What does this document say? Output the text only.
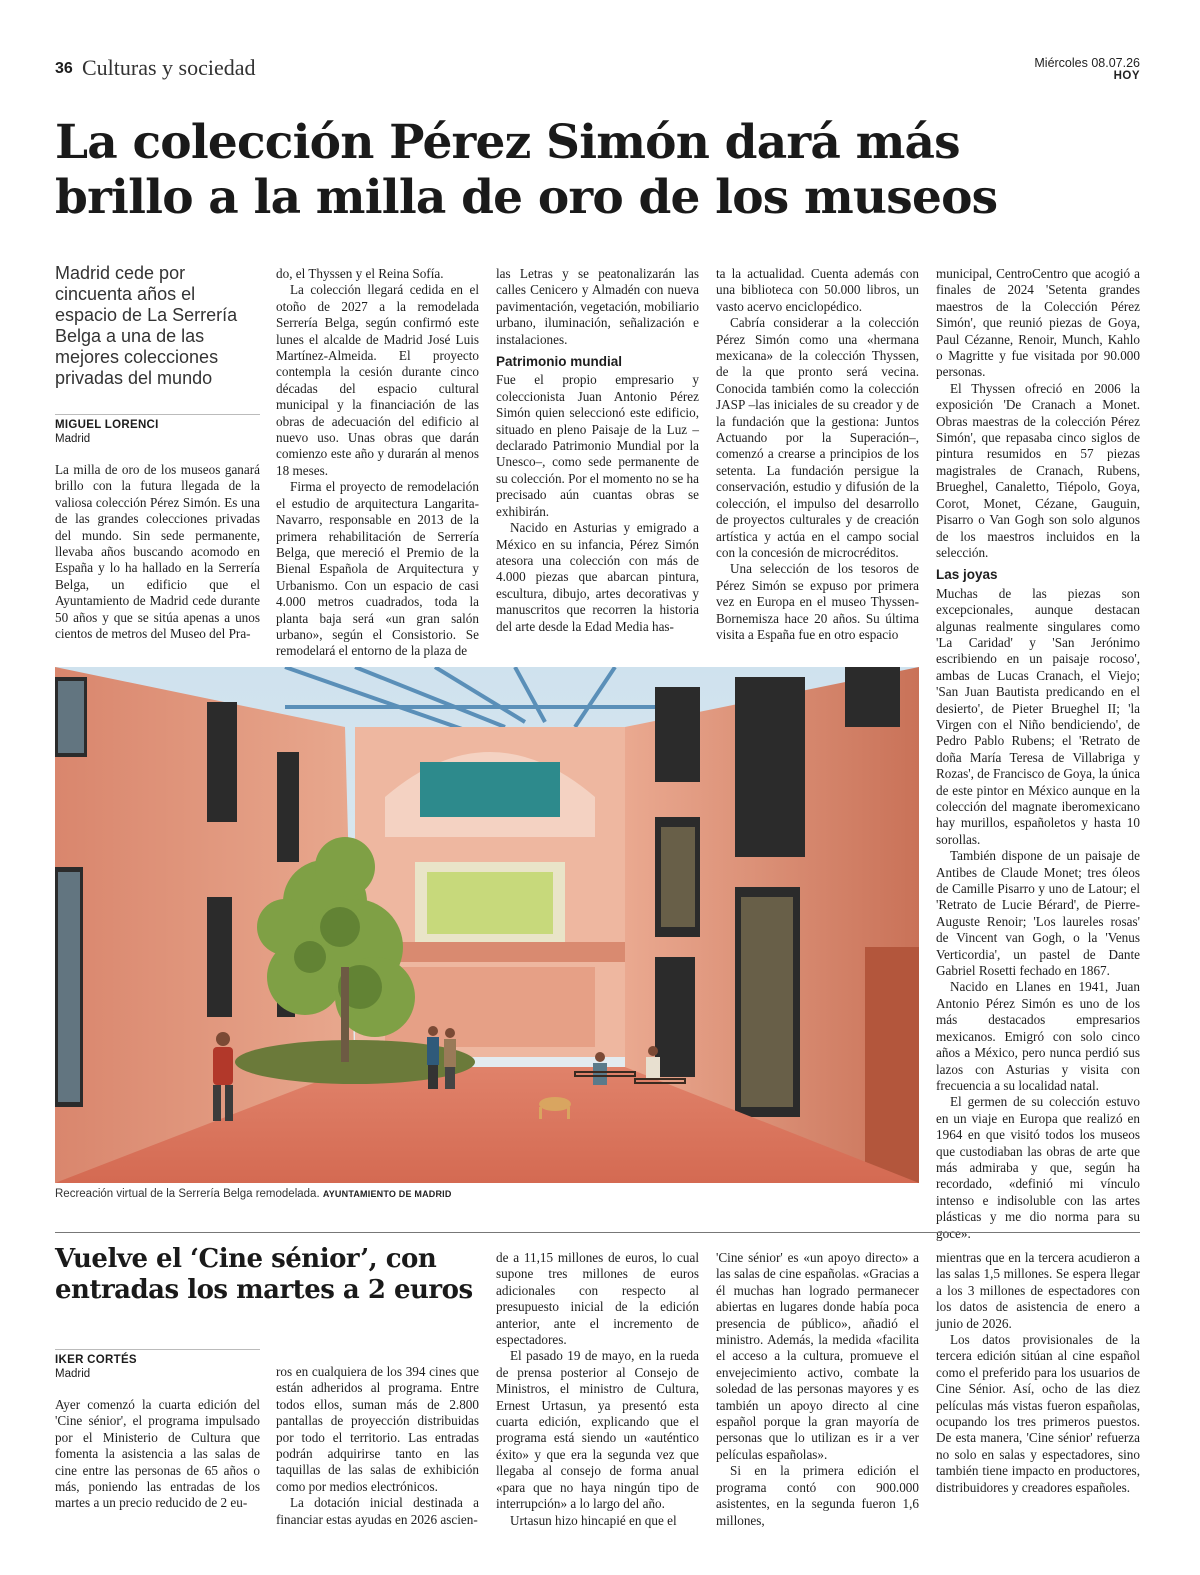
36 Culturas y sociedad	Miércoles 08.07.26
HOY
La colección Pérez Simón dará más
brillo a la milla de oro de los museos
Madrid cede por cincuenta años el espacio de La Serrería Belga a una de las mejores colecciones privadas del mundo
MIGUEL LORENCI
Madrid

La milla de oro de los museos ganará brillo con la futura llegada de la valiosa colección Pérez Simón. Es una de las grandes colecciones privadas del mundo. Sin sede permanente, llevaba años buscando acomodo en España y lo ha hallado en la Serrería Belga, un edificio que el Ayuntamiento de Madrid cede durante 50 años y que se sitúa apenas a unos cientos de metros del Museo del Pra-

do, el Thyssen y el Reina Sofía.

La colección llegará cedida en el otoño de 2027 a la remodelada Serrería Belga, según confirmó este lunes el alcalde de Madrid José Luis Martínez-Almeida. El proyecto contempla la cesión durante cinco décadas del espacio cultural municipal y la financiación de las obras de adecuación del edificio al nuevo uso. Unas obras que darán comienzo este año y durarán al menos 18 meses.

Firma el proyecto de remodelación el estudio de arquitectura Langarita-Navarro, responsable en 2013 de la primera rehabilitación de Serrería Belga, que mereció el Premio de la Bienal Española de Arquitectura y Urbanismo. Con un espacio de casi 4.000 metros cuadrados, toda la planta baja será «un gran salón urbano», según el Consistorio. Se remodelará el entorno de la plaza de

las Letras y se peatonalizarán las calles Cenicero y Almadén con nueva pavimentación, vegetación, mobiliario urbano, iluminación, señalización e instalaciones.

Patrimonio mundial

Fue el propio empresario y coleccionista Juan Antonio Pérez Simón quien seleccionó este edificio, situado en pleno Paisaje de la Luz –declarado Patrimonio Mundial por la Unesco–, como sede permanente de su colección. Por el momento no se ha precisado aún cuantas obras se exhibirán.

Nacido en Asturias y emigrado a México en su infancia, Pérez Simón atesora una colección con más de 4.000 piezas que abarcan pintura, escultura, dibujo, artes decorativas y manuscritos que recorren la historia del arte desde la Edad Media has-

ta la actualidad. Cuenta además con una biblioteca con 50.000 libros, un vasto acervo enciclopédico.

Cabría considerar a la colección Pérez Simón como una «hermana mexicana» de la colección Thyssen, de la que pronto será vecina. Conocida también como la colección JASP –las iniciales de su creador y de la fundación que la gestiona: Juntos Actuando por la Superación–, comenzó a crearse a principios de los setenta. La fundación persigue la conservación, estudio y difusión de la colección, el impulso del desarrollo de proyectos culturales y de creación artística y actúa en el campo social con la concesión de microcréditos.

Una selección de los tesoros de Pérez Simón se expuso por primera vez en Europa en el museo Thyssen-Bornemisza hace 20 años. Su última visita a España fue en otro espacio

municipal, CentroCentro que acogió a finales de 2024 'Setenta grandes maestros de la Colección Pérez Simón', que reunió piezas de Goya, Paul Cézanne, Renoir, Munch, Kahlo o Magritte y fue visitada por 90.000 personas.

El Thyssen ofreció en 2006 la exposición 'De Cranach a Monet. Obras maestras de la colección Pérez Simón', que repasaba cinco siglos de pintura resumidos en 57 piezas magistrales de Cranach, Rubens, Brueghel, Canaletto, Tiépolo, Goya, Corot, Monet, Cézane, Gauguin, Pisarro o Van Gogh son solo algunos de los maestros incluidos en la selección.

Las joyas

Muchas de las piezas son excepcionales, aunque destacan algunas realmente singulares como 'La Caridad' y 'San Jerónimo escribiendo en un paisaje rocoso', ambas de Lucas Cranach, el Viejo; 'San Juan Bautista predicando en el desierto', de Pieter Brueghel II; 'la Virgen con el Niño bendiciendo', de Pedro Pablo Rubens; el 'Retrato de doña María Teresa de Villabriga y Rozas', de Francisco de Goya, la única de este pintor en México aunque en la colección del magnate iberomexicano hay murillos, españoletos y hasta 10 sorollas.

También dispone de un paisaje de Antibes de Claude Monet; tres óleos de Camille Pisarro y uno de Latour; el 'Retrato de Lucie Bérard', de Pierre-Auguste Renoir; 'Los laureles rosas' de Vincent van Gogh, o la 'Venus Verticordia', un pastel de Dante Gabriel Rosetti fechado en 1867.

Nacido en Llanes en 1941, Juan Antonio Pérez Simón es uno de los más destacados empresarios mexicanos. Emigró con solo cinco años a México, pero nunca perdió sus lazos con Asturias y visita con frecuencia a su localidad natal.

El germen de su colección estuvo en un viaje en Europa que realizó en 1964 en que visitó todos los museos que custodiaban las obras de arte que más admiraba y que, según ha recordado, «definió mi vínculo intenso e indisoluble con las artes plásticas y me dio norma para su goce».

Recreación virtual de la Serrería Belga remodelada. AYUNTAMIENTO DE MADRID
Vuelve el ‘Cine sénior’, con
entradas los martes a 2 euros
IKER CORTÉS
Madrid

Ayer comenzó la cuarta edición del 'Cine sénior', el programa impulsado por el Ministerio de Cultura que fomenta la asistencia a las salas de cine entre las personas de 65 años o más, poniendo las entradas de los martes a un precio reducido de 2 eu-

ros en cualquiera de los 394 cines que están adheridos al programa. Entre todos ellos, suman más de 2.800 pantallas de proyección distribuidas por todo el territorio. Las entradas podrán adquirirse tanto en las taquillas de las salas de exhibición como por medios electrónicos.

La dotación inicial destinada a financiar estas ayudas en 2026 ascien-

de a 11,15 millones de euros, lo cual supone tres millones de euros adicionales con respecto al presupuesto inicial de la edición anterior, ante el incremento de espectadores.

El pasado 19 de mayo, en la rueda de prensa posterior al Consejo de Ministros, el ministro de Cultura, Ernest Urtasun, ya presentó esta cuarta edición, explicando que el programa está siendo un «auténtico éxito» y que era la segunda vez que llegaba al consejo de forma anual «para que no haya ningún tipo de interrupción» a lo largo del año.

Urtasun hizo hincapié en que el

'Cine sénior' es «un apoyo directo» a las salas de cine españolas. «Gracias a él muchas han logrado permanecer abiertas en lugares donde había poca presencia de público», añadió el ministro. Además, la medida «facilita el acceso a la cultura, promueve el envejecimiento activo, combate la soledad de las personas mayores y es también un apoyo directo al cine español porque la gran mayoría de personas que lo utilizan es ir a ver películas españolas».

Si en la primera edición el programa contó con 900.000 asistentes, en la segunda fueron 1,6 millones,

mientras que en la tercera acudieron a las salas 1,5 millones. Se espera llegar a los 3 millones de espectadores con los datos de asistencia de enero a junio de 2026.

Los datos provisionales de la tercera edición sitúan al cine español como el preferido para los usuarios de Cine Sénior. Así, ocho de las diez películas más vistas fueron españolas, ocupando los tres primeros puestos. De esta manera, 'Cine sénior' refuerza no solo en salas y espectadores, sino también tiene impacto en productores, distribuidores y creadores españoles.
